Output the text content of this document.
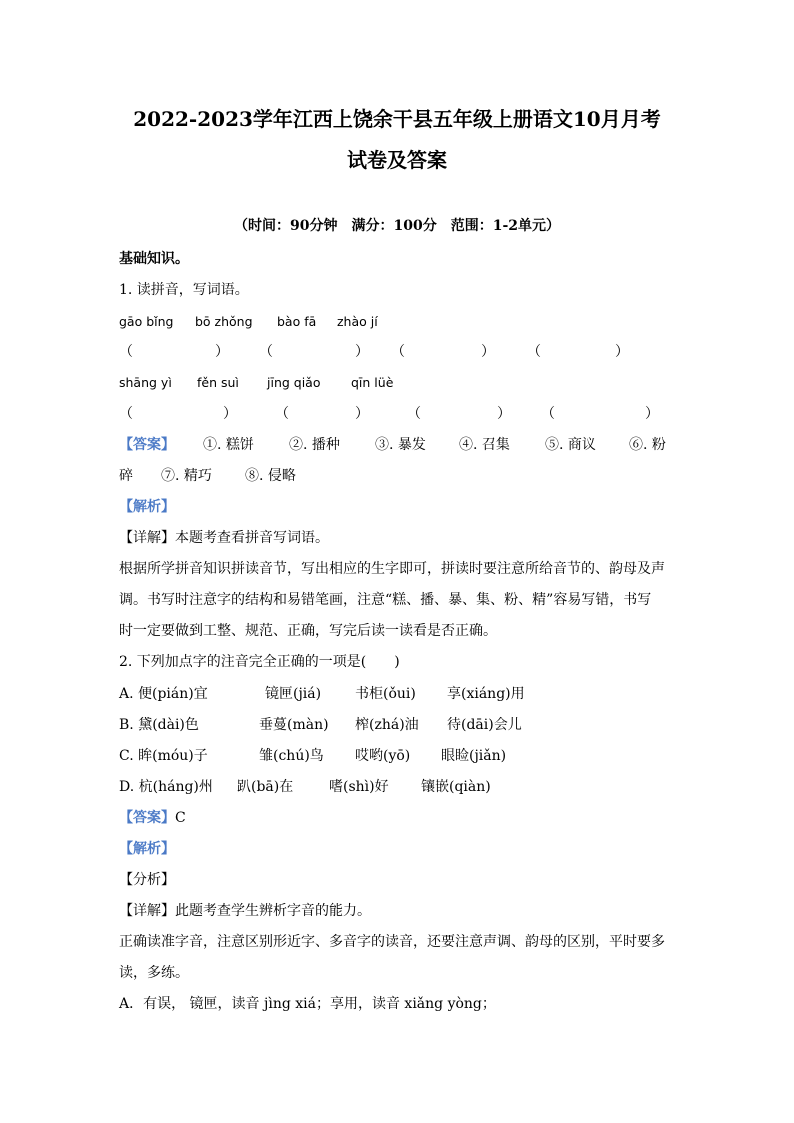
2022-2023学年江西上饶余干县五年级上册语文10月月考
试卷及答案
（时间：90分钟　满分：100分　范围：1-2单元）
基础知识。
1. 读拼音，写词语。
gāo bǐng bō zhǒng bào fā zhào jí
（	） （	） （	） （	）
shāng yì fěn suì jīng qiǎo qīn lüè
（	）	（	）	（	） （	）
【答案】 ①. 糕饼	②. 播种	③. 暴发 ④. 召集	⑤. 商议 ⑥. 粉
碎 ⑦. 精巧 ⑧. 侵略
【解析】
【详解】本题考查看拼音写词语。
根据所学拼音知识拼读音节，写出相应的生字即可，拼读时要注意所给音节的、韵母及声
调。书写时注意字的结构和易错笔画，注意“糕、播、暴、集、粉、精”容易写错，书写
时一定要做到工整、规范、正确，写完后读一读看是否正确。
2. 下列加点字的注音完全正确的一项是(　　)
A. 便(pián)宜	镜匣(jiá) 书柜(ǒui) 享(xiáng)用
B. 黛(dài)色	垂蔓(màn) 榨(zhá)油 待(dāi)会儿
C. 眸(móu)子	雏(chú)鸟 哎哟(yō) 眼睑(jiǎn)
D. 杭(háng)州 趴(bā)在	嗜(shì)好 镶嵌(qiàn)
【答案】C
【解析】
【分析】
【详解】此题考查学生辨析字音的能力。
正确读准字音，注意区别形近字、多音字的读音，还要注意声调、韵母的区别，平时要多
读，多练。
A．有误， 镜匣，读音 jìng xiá；享用，读音 xiǎng yòng；
